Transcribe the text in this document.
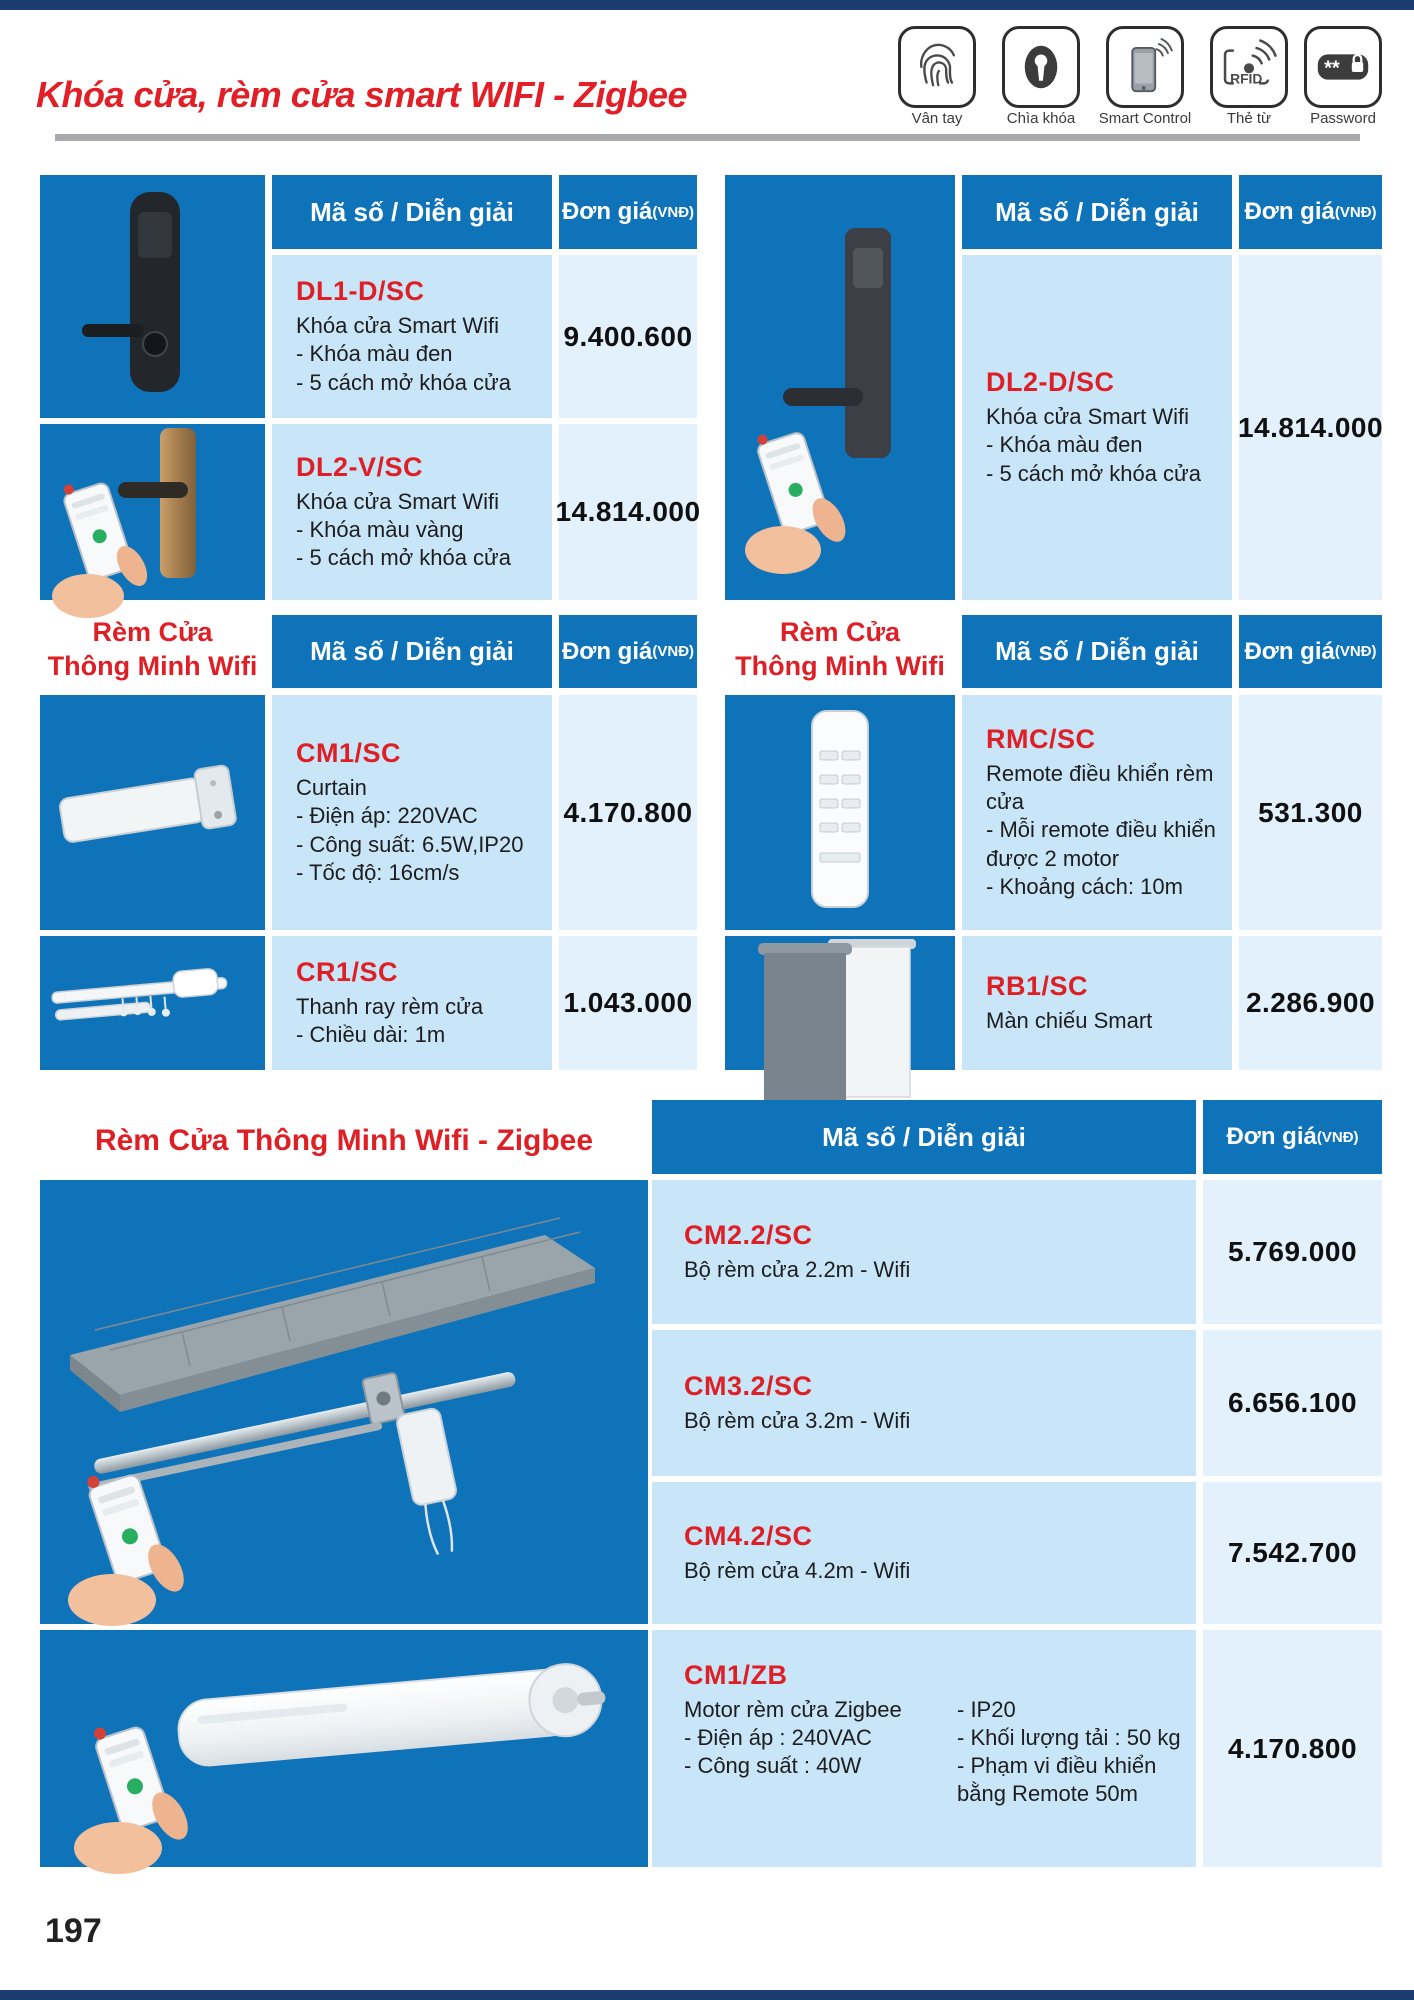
Khóa cửa, rèm cửa smart WIFI - Zigbee
Vân tay	Chìa khóa	Smart Control
RFID
Thẻ từ
**
Password
Mã số / Diễn giải Đơn giá (VNĐ)
DL1-D/SC
Khóa cửa Smart Wifi
- Khóa màu đen
- 5 cách mở khóa cửa
9.400.600
DL2-V/SC
Khóa cửa Smart Wifi
- Khóa màu vàng
- 5 cách mở khóa cửa
14.814.000
Mã số / Diễn giải Đơn giá (VNĐ)
DL2-D/SC
Khóa cửa Smart Wifi
- Khóa màu đen
- 5 cách mở khóa cửa
14.814.000
Rèm Cửa
Thông Minh Wifi Mã số / Diễn giải Đơn giá (VNĐ)
CM1/SC
Curtain
- Điện áp: 220VAC
- Công suất: 6.5W,IP20
- Tốc độ: 16cm/s
4.170.800
CR1/SC
Thanh ray rèm cửa
- Chiều dài: 1m
1.043.000
Rèm Cửa
Thông Minh Wifi	Mã số / Diễn giải Đơn giá (VNĐ)
RMC/SC
Remote điều khiển rèm cửa
- Mỗi remote điều khiển được 2 motor
- Khoảng cách: 10m
531.300
RB1/SC
Màn chiếu Smart
2.286.900
Rèm Cửa Thông Minh Wifi - Zigbee	Mã số / Diễn giải	Đơn giá (VNĐ)
CM2.2/SC
Bộ rèm cửa 2.2m - Wifi
5.769.000
CM3.2/SC
Bộ rèm cửa 3.2m - Wifi
6.656.100
CM4.2/SC
Bộ rèm cửa 4.2m - Wifi
7.542.700
CM1/ZB
Motor rèm cửa Zigbee
- Điện áp : 240VAC
- Công suất : 40W
- IP20
- Khối lượng tải : 50 kg
- Phạm vi điều khiển bằng Remote 50m
4.170.800
197
